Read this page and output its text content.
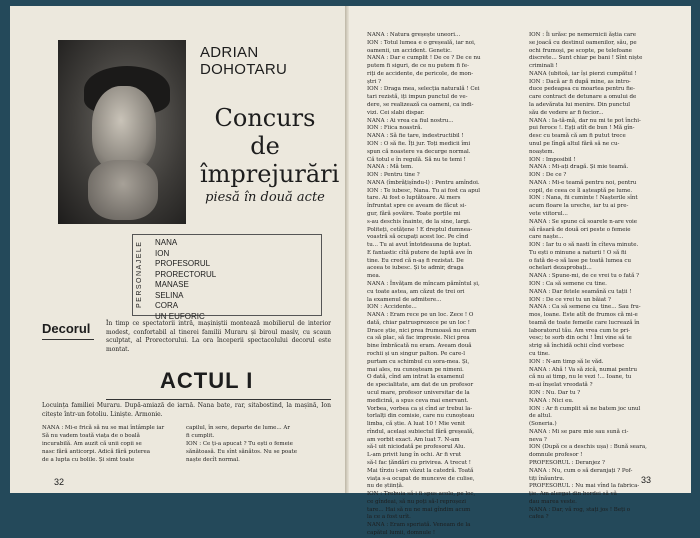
ADRIAN
DOHOTARU
Concurs
de
împrejurări
piesă în două acte
PERSONAJELE	NANA
ION
PROFESORUL
PRORECTORUL
MANASE
SELINA
CORA
UN EUFORIC
Decorul	În timp ce spectatorii intră, mașiniștii montează mobilierul de interior modest, confortabil al tinerei familii Muraru și biroul masiv, cu scaun sculptat, al Prorectorului. La ora începerii spectacolului decorul este montat.
ACTUL I
Locuința familiei Muraru. După-amiază de iarnă. Nana bate, rar, sitabostind, la mașină, Ion citește într-un fotoliu. Liniște. Armonie.
NANA : Mi-e frică să nu se mai întâmple iar
Să nu vadem toată viața de o boală
incurabilă. Am auzit că unii copii se
nasc fără anticorpi. Adică fără puterea
de a lupta cu bolile. Și simt toate
capilul, în sere, departe de lume... Ar
fi cumplit.
ION : Ce ți-a apucat ? Tu ești o femeie
sănătoasă. Eu sînt sănătos. Nu se poate
naște decît normal.
32
NANA : Natura greșește uneori...
ION : Totul lumea e o greșeală, iar noi,
oamenii, un accident. Genetic.
NANA : Dar e cumplit ! De ce ? De ce nu
putem fi siguri, de ce nu putem fi fe-
riți de accidente, de pericole, de mon-
ștri ?
ION : Draga mea, selecția naturală ! Cei
tari rezistă, iți impun punctul de ve-
dere, se realizează ca oameni, ca indi-
vizi. Cei slabi dispar.
NANA : Ai vrea ca fiul nostru...
ION : Fiica noastră.
NANA : Să fie tare, indestructibil !
ION : O să fie. Îți jur. Toți medicii îmi
spun că noastere va decurge normal.
Că totul e în regulă. Să nu te temi !
NANA : Mă tem.
ION : Pentru tine ?
NANA (îmbrățișîndu-l) : Pentru amîndoi.
ION : Te iubesc, Nana. Tu ai fost ca apul
tare. Ai fost o luptătoare. Ai mers
înfruntat spre ce aveam de făcut si-
gur, fără șovăire. Toate porțile mi
s-au deschis înainte, de la sine, largi.
Politeți, cetățene ! E dreptul dumnea-
voastră să ocupați acest loc. Pe cînd
tu... Tu ai avut întotdeauna de luptat.
E fantastic cîtă putere de luptă ave în
tine. Eu cred că n-aș fi rezistat. De
aceea te iubesc. Și te admir, draga
mea.
NANA : Învățam de mîncam pămîntul și,
cu toate astea, am căzut de trei ori
la examenul de admitere...
ION : Accidente...
NANA : Eram rece pe un loc. Zece ! O
dată, chiar patrusprezece pe un loc !
Drace știe, nici prea frumoasă nu eram
ca să plac, să fac impresie. Nici prea
bine îmbrăcată nu eram. Aveam două
rochii și un singur palton. Pe care-l
purtam cu schimbul cu sora-mea. Și,
mai ales, nu cunoșteam pe nimeni.
O dată, cînd am intrat la examenul
de specialitate, am dat de un profesor
ucul mare, profesor universitar de la
medicină, a spus ceva mai enervant.
Vorbea, vorbea ca și cînd ar trebui la-
torlalți din comisie, care nu cunoșteau
limba, că știe. A luat 10 ! Mie venit
rîndul, același subiectul fără greșeală,
am vorbit exact. Am luat 7. N-am
să-l uit niciodată pe profesorul Alu.
L-am privit lung în ochi. Ar fi vrut
să-l fac țăndări cu privirea. A trecut !
Mai tîrziu i-am văzut la catedră. Toată
viața s-a ocupat de munceve de culise,
nu de știință.
ION : Trebuia să-i fi spus acolo, pe loc,
ce gîndeai, să nu poți să-l reproșezi
tare... Hai să nu ne mai gîndim acum
la ce a fost urît.
NANA : Eram speriată. Veneam de la
capătul lumii, domnule !
ION : Îi urăsc pe nemernicii ăștia care
se joacă cu destinul oamenilor, său, pe
ochi frumoși, pe scopte, pe telefoane
discrete... Sunt chiar pe bani ! Sînt niște
criminali !
NANA (ubitoâ, iar își pierzi cumpătul !
ION : Dacă ar fi după mine, as intro-
duce pedeapsa cu moartea pentru fie-
care contract de detunare a omului de
la adevărata lui menire. Din punctul
său de vedere ar fi fecior...
NANA : Ia-tă-mă, dar nu mi te pot închi-
pui feroce !. Eșți atît de bun ! Mă gîn-
desc cu teamă că am fi putut trece
unul pe lîngă altul fără să ne cu-
noaștem.
ION : Imposibil !
NANA : Mi-ați dragă. Și mie teamă.
ION : De ce ?
NANA : Mi-e teamă pentru noi, pentru
copil, de ceea ce îl așteaptă pe lume.
ION : Nana, fii cuminte ! Nașterile sînt
acum floare la ureche, iar tu ai pre-
vete viitorul...
NANA : Se spune că soarele n-are voie
să răsară de două ori peste o femeie
care naște...
ION : Iar tu o să nasti în cîteva minute.
Tu ești o minune a naturii ! O să fii
o fată de-o să lase pe toată lumea cu
ochelari dezaprobați...
NANA : Spune-mi, de ce vrei tu o fată ?
ION : Ca să semene cu tine.
NANA : Dar fetele seamănă cu tații !
ION : De ce vrei tu un băiat ?
NANA : Ca să semene cu tine... Sau fru-
mos, loane. Este atît de frumos că mi-e
teamă de toate femeile care lucrează în
laboratorul tău. Am vrea cum te pri-
vesc; te sorb din ochi ! Îmi vine să te
strig să închidă ochii cînd vorbesc
cu tine.
ION : N-am timp să le văd.
NANA : Ahă ! Va să zică, numai pentru
că nu ai timp, nu le vezi !... Ioane, tu
m-ai înșelat vreodată ?
ION : Nu. Dar tu ?
NANA : Nici eu.
ION : Ar fi cumplit să ne batem joc unul
de altul.
(Soneria.)
NANA : Mi se pare mie sau sună ci-
neva ?
ION (După ce a deschis ușa) : Bună seara,
domnule profesor !
PROFESORUL : Deranjez ?
NANA : Nu, cum o să deranjați ? Pof-
tiți înăuntru.
PROFESORUL : Nu mai vînd la fabrica-
ție. Am alergat din bordei să vă
dau marea veste.
NANA : Dar, vă rog, stați jos ! Beți o
cafea ?
33
